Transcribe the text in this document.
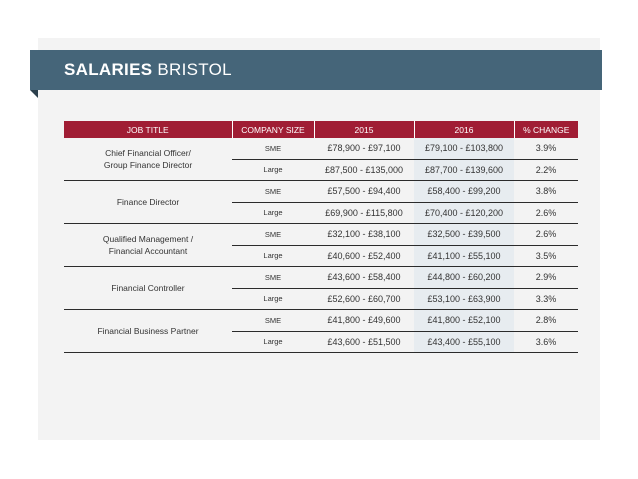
SALARIES BRISTOL
JOB TITLE	COMPANY SIZE	2015	2016	% CHANGE

Chief Financial Officer/
Group Finance Director	SME	£78,900 - £97,100	£79,100 - £103,800	3.9%
	Large	£87,500 - £135,000	£87,700 - £139,600	2.2%

Finance Director	SME	£57,500 - £94,400	£58,400 - £99,200	3.8%
	Large	£69,900 - £115,800	£70,400 - £120,200	2.6%

Qualified Management /
Financial Accountant	SME	£32,100 - £38,100	£32,500 - £39,500	2.6%
	Large	£40,600 - £52,400	£41,100 - £55,100	3.5%

Financial Controller	SME	£43,600 - £58,400	£44,800 - £60,200	2.9%
	Large	£52,600 - £60,700	£53,100 - £63,900	3.3%

Financial Business Partner	SME	£41,800 - £49,600	£41,800 - £52,100	2.8%
	Large	£43,600 - £51,500	£43,400 - £55,100	3.6%
